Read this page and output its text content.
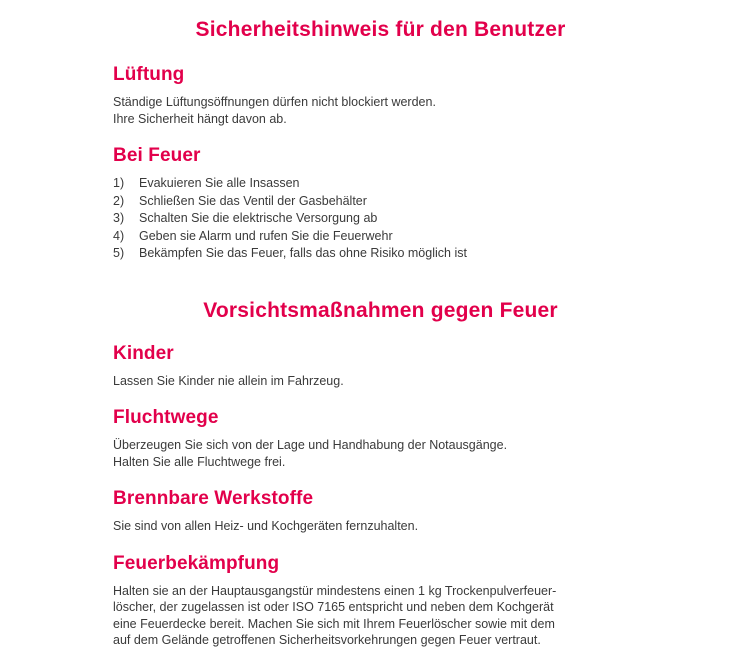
Sicherheitshinweis für den Benutzer
Lüftung
Ständige Lüftungsöffnungen dürfen nicht blockiert werden.
Ihre Sicherheit hängt davon ab.
Bei Feuer
1)	Evakuieren Sie alle Insassen
2)	Schließen Sie das Ventil der Gasbehälter
3)	Schalten Sie die elektrische Versorgung ab
4)	Geben sie Alarm und rufen Sie die Feuerwehr
5)	Bekämpfen Sie das Feuer, falls das ohne Risiko möglich ist
Vorsichtsmaßnahmen gegen Feuer
Kinder
Lassen Sie Kinder nie allein im Fahrzeug.
Fluchtwege
Überzeugen Sie sich von der Lage und Handhabung der Notausgänge.
Halten Sie alle Fluchtwege frei.
Brennbare Werkstoffe
Sie sind von allen Heiz- und Kochgeräten fernzuhalten.
Feuerbekämpfung
Halten sie an der Hauptausgangstür mindestens einen 1 kg Trockenpulverfeuer-
löscher, der zugelassen ist oder ISO 7165 entspricht und neben dem Kochgerät
eine Feuerdecke bereit. Machen Sie sich mit Ihrem Feuerlöscher sowie mit dem
auf dem Gelände getroffenen Sicherheitsvorkehrungen gegen Feuer vertraut.
